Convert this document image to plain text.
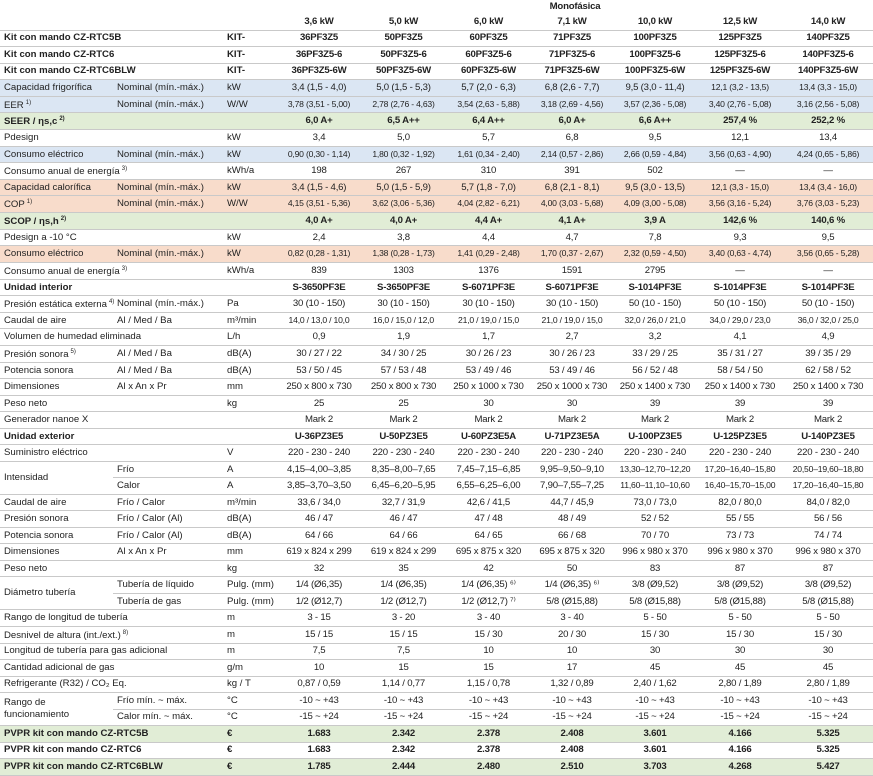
			Monofásica						
			3,6 kW	5,0 kW	6,0 kW	7,1 kW	10,0 kW	12,5 kW	14,0 kW
Kit con mando CZ-RTC5B		KIT-	36PF3Z5	50PF3Z5	60PF3Z5	71PF3Z5	100PF3Z5	125PF3Z5	140PF3Z5
Kit con mando CZ-RTC6		KIT-	36PF3Z5-6	50PF3Z5-6	60PF3Z5-6	71PF3Z5-6	100PF3Z5-6	125PF3Z5-6	140PF3Z5-6
Kit con mando CZ-RTC6BLW		KIT-	36PF3Z5-6W	50PF3Z5-6W	60PF3Z5-6W	71PF3Z5-6W	100PF3Z5-6W	125PF3Z5-6W	140PF3Z5-6W
Capacidad frigorífica	Nominal (mín.-máx.)	kW	3,4 (1,5 - 4,0)	5,0 (1,5 - 5,3)	5,7 (2,0 - 6,3)	6,8 (2,6 - 7,7)	9,5 (3,0 - 11,4)	12,1 (3,2 - 13,5)	13,4 (3,3 - 15,0)
EER $^{1)}$	Nominal (mín.-máx.)	W/W	3,78 (3,51 - 5,00)	2,78 (2,76 - 4,63)	3,54 (2,63 - 5,88)	3,18 (2,69 - 4,56)	3,57 (2,36 - 5,08)	3,40 (2,76 - 5,08)	3,16 (2,56 - 5,08)
SEER / ηs,c $^{2)}$			6,0 A+	6,5 A++	6,4 A++	6,0 A+	6,6 A++	257,4 %	252,2 %
Pdesign		kW	3,4	5,0	5,7	6,8	9,5	12,1	13,4
Consumo eléctrico	Nominal (mín.-máx.)	kW	0,90 (0,30 - 1,14)	1,80 (0,32 - 1,92)	1,61 (0,34 - 2,40)	2,14 (0,57 - 2,86)	2,66 (0,59 - 4,84)	3,56 (0,63 - 4,90)	4,24 (0,65 - 5,86)
Consumo anual de energía $^{3)}$		kWh/a	198	267	310	391	502	—	—
Capacidad calorífica	Nominal (mín.-máx.)	kW	3,4 (1,5 - 4,6)	5,0 (1,5 - 5,9)	5,7 (1,8 - 7,0)	6,8 (2,1 - 8,1)	9,5 (3,0 - 13,5)	12,1 (3,3 - 15,0)	13,4 (3,4 - 16,0)
COP $^{1)}$	Nominal (mín.-máx.)	W/W	4,15 (3,51 - 5,36)	3,62 (3,06 - 5,36)	4,04 (2,82 - 6,21)	4,00 (3,03 - 5,68)	4,09 (3,00 - 5,08)	3,56 (3,16 - 5,24)	3,76 (3,03 - 5,23)
SCOP / ηs,h $^{2)}$			4,0 A+	4,0 A+	4,4 A+	4,1 A+	3,9 A	142,6 %	140,6 %
Pdesign a -10 °C		kW	2,4	3,8	4,4	4,7	7,8	9,3	9,5
Consumo eléctrico	Nominal (mín.-máx.)	kW	0,82 (0,28 - 1,31)	1,38 (0,28 - 1,73)	1,41 (0,29 - 2,48)	1,70 (0,37 - 2,67)	2,32 (0,59 - 4,50)	3,40 (0,63 - 4,74)	3,56 (0,65 - 5,28)
Consumo anual de energía $^{3)}$		kWh/a	839	1303	1376	1591	2795	—	—
Unidad interior			S-3650PF3E	S-3650PF3E	S-6071PF3E	S-6071PF3E	S-1014PF3E	S-1014PF3E	S-1014PF3E
Presión estática externa $^{4)}$	Nominal (mín.-máx.)	Pa	30 (10 - 150)	30 (10 - 150)	30 (10 - 150)	30 (10 - 150)	50 (10 - 150)	50 (10 - 150)	50 (10 - 150)
Caudal de aire	Al / Med / Ba	m³/min	14,0 / 13,0 / 10,0	16,0 / 15,0 / 12,0	21,0 / 19,0 / 15,0	21,0 / 19,0 / 15,0	32,0 / 26,0 / 21,0	34,0 / 29,0 / 23,0	36,0 / 32,0 / 25,0
Volumen de humedad eliminada		L/h	0,9	1,9	1,7	2,7	3,2	4,1	4,9
Presión sonora $^{5)}$	Al / Med / Ba	dB(A)	30 / 27 / 22	34 / 30 / 25	30 / 26 / 23	30 / 26 / 23	33 / 29 / 25	35 / 31 / 27	39 / 35 / 29
Potencia sonora	Al / Med / Ba	dB(A)	53 / 50 / 45	57 / 53 / 48	53 / 49 / 46	53 / 49 / 46	56 / 52 / 48	58 / 54 / 50	62 / 58 / 52
Dimensiones	Al x An x Pr	mm	250 x 800 x 730	250 x 800 x 730	250 x 1000 x 730	250 x 1000 x 730	250 x 1400 x 730	250 x 1400 x 730	250 x 1400 x 730
Peso neto		kg	25	25	30	30	39	39	39
Generador nanoe X			Mark 2	Mark 2	Mark 2	Mark 2	Mark 2	Mark 2	Mark 2
Unidad exterior			U-36PZ3E5	U-50PZ3E5	U-60PZ3E5A	U-71PZ3E5A	U-100PZ3E5	U-125PZ3E5	U-140PZ3E5
Suministro eléctrico		V	220 - 230 - 240	220 - 230 - 240	220 - 230 - 240	220 - 230 - 240	220 - 230 - 240	220 - 230 - 240	220 - 230 - 240
Intensidad	Frío	A	4,15–4,00–3,85	8,35–8,00–7,65	7,45–7,15–6,85	9,95–9,50–9,10	13,30–12,70–12,20	17,20–16,40–15,80	20,50–19,60–18,80
	Calor	A	3,85–3,70–3,50	6,45–6,20–5,95	6,55–6,25–6,00	7,90–7,55–7,25	11,60–11,10–10,60	16,40–15,70–15,00	17,20–16,40–15,80
Caudal de aire	Frío / Calor	m³/min	33,6 / 34,0	32,7 / 31,9	42,6 / 41,5	44,7 / 45,9	73,0 / 73,0	82,0 / 80,0	84,0 / 82,0
Presión sonora	Frío / Calor (Al)	dB(A)	46 / 47	46 / 47	47 / 48	48 / 49	52 / 52	55 / 55	56 / 56
Potencia sonora	Frío / Calor (Al)	dB(A)	64 / 66	64 / 66	64 / 65	66 / 68	70 / 70	73 / 73	74 / 74
Dimensiones	Al x An x Pr	mm	619 x 824 x 299	619 x 824 x 299	695 x 875 x 320	695 x 875 x 320	996 x 980 x 370	996 x 980 x 370	996 x 980 x 370
Peso neto		kg	32	35	42	50	83	87	87
Diámetro tubería	Tubería de líquido	Pulg. (mm)	1/4 (Ø6,35)	1/4 (Ø6,35)	1/4 (Ø6,35) ⁶⁾	1/4 (Ø6,35) ⁶⁾	3/8 (Ø9,52)	3/8 (Ø9,52)	3/8 (Ø9,52)
	Tubería de gas	Pulg. (mm)	1/2 (Ø12,7)	1/2 (Ø12,7)	1/2 (Ø12,7) ⁷⁾	5/8 (Ø15,88)	5/8 (Ø15,88)	5/8 (Ø15,88)	5/8 (Ø15,88)
Rango de longitud de tubería		m	3 - 15	3 - 20	3 - 40	3 - 40	5 - 50	5 - 50	5 - 50
Desnivel de altura (int./ext.) $^{8)}$		m	15 / 15	15 / 15	15 / 30	20 / 30	15 / 30	15 / 30	15 / 30
Longitud de tubería para gas adicional		m	7,5	7,5	10	10	30	30	30
Cantidad adicional de gas		g/m	10	15	15	17	45	45	45
Refrigerante (R32) / CO₂ Eq.		kg / T	0,87 / 0,59	1,14 / 0,77	1,15 / 0,78	1,32 / 0,89	2,40 / 1,62	2,80 / 1,89	2,80 / 1,89
Rango de funcionamiento	Frío mín. ~ máx.	°C	-10 ~ +43	-10 ~ +43	-10 ~ +43	-10 ~ +43	-10 ~ +43	-10 ~ +43	-10 ~ +43
	Calor mín. ~ máx.	°C	-15 ~ +24	-15 ~ +24	-15 ~ +24	-15 ~ +24	-15 ~ +24	-15 ~ +24	-15 ~ +24
PVPR kit con mando CZ-RTC5B		€	1.683	2.342	2.378	2.408	3.601	4.166	5.325
PVPR kit con mando CZ-RTC6		€	1.683	2.342	2.378	2.408	3.601	4.166	5.325
PVPR kit con mando CZ-RTC6BLW		€	1.785	2.444	2.480	2.510	3.703	4.268	5.427
